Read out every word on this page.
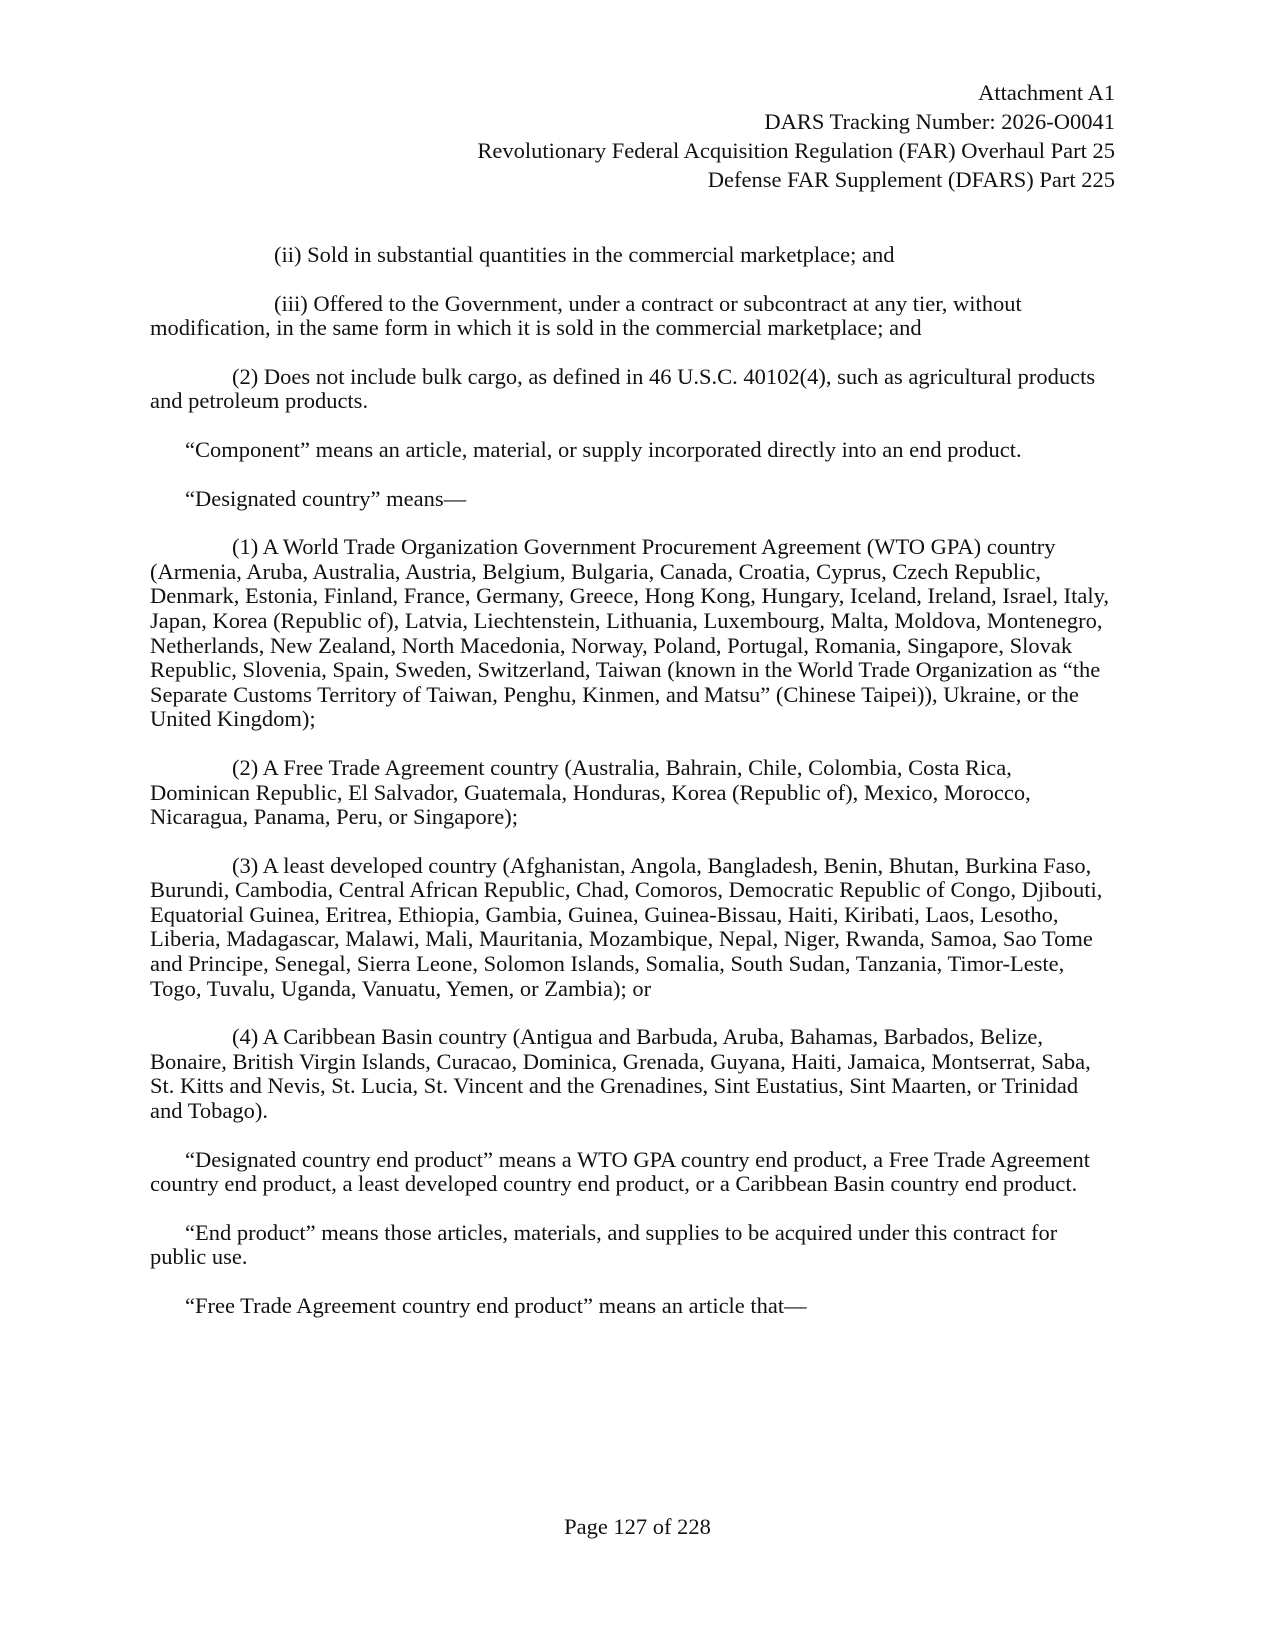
Attachment A1
DARS Tracking Number: 2026-O0041
Revolutionary Federal Acquisition Regulation (FAR) Overhaul Part 25
Defense FAR Supplement (DFARS) Part 225

(ii) Sold in substantial quantities in the commercial marketplace; and

(iii) Offered to the Government, under a contract or subcontract at any tier, without modification, in the same form in which it is sold in the commercial marketplace; and

(2) Does not include bulk cargo, as defined in 46 U.S.C. 40102(4), such as agricultural products and petroleum products.

“Component” means an article, material, or supply incorporated directly into an end product.

“Designated country” means—

(1) A World Trade Organization Government Procurement Agreement (WTO GPA) country (Armenia, Aruba, Australia, Austria, Belgium, Bulgaria, Canada, Croatia, Cyprus, Czech Republic, Denmark, Estonia, Finland, France, Germany, Greece, Hong Kong, Hungary, Iceland, Ireland, Israel, Italy, Japan, Korea (Republic of), Latvia, Liechtenstein, Lithuania, Luxembourg, Malta, Moldova, Montenegro, Netherlands, New Zealand, North Macedonia, Norway, Poland, Portugal, Romania, Singapore, Slovak Republic, Slovenia, Spain, Sweden, Switzerland, Taiwan (known in the World Trade Organization as “the Separate Customs Territory of Taiwan, Penghu, Kinmen, and Matsu” (Chinese Taipei)), Ukraine, or the United Kingdom);

(2) A Free Trade Agreement country (Australia, Bahrain, Chile, Colombia, Costa Rica, Dominican Republic, El Salvador, Guatemala, Honduras, Korea (Republic of), Mexico, Morocco, Nicaragua, Panama, Peru, or Singapore);

(3) A least developed country (Afghanistan, Angola, Bangladesh, Benin, Bhutan, Burkina Faso, Burundi, Cambodia, Central African Republic, Chad, Comoros, Democratic Republic of Congo, Djibouti, Equatorial Guinea, Eritrea, Ethiopia, Gambia, Guinea, Guinea-Bissau, Haiti, Kiribati, Laos, Lesotho, Liberia, Madagascar, Malawi, Mali, Mauritania, Mozambique, Nepal, Niger, Rwanda, Samoa, Sao Tome and Principe, Senegal, Sierra Leone, Solomon Islands, Somalia, South Sudan, Tanzania, Timor-Leste, Togo, Tuvalu, Uganda, Vanuatu, Yemen, or Zambia); or

(4) A Caribbean Basin country (Antigua and Barbuda, Aruba, Bahamas, Barbados, Belize, Bonaire, British Virgin Islands, Curacao, Dominica, Grenada, Guyana, Haiti, Jamaica, Montserrat, Saba, St. Kitts and Nevis, St. Lucia, St. Vincent and the Grenadines, Sint Eustatius, Sint Maarten, or Trinidad and Tobago).

“Designated country end product” means a WTO GPA country end product, a Free Trade Agreement country end product, a least developed country end product, or a Caribbean Basin country end product.

“End product” means those articles, materials, and supplies to be acquired under this contract for public use.

“Free Trade Agreement country end product” means an article that—

Page 127 of 228
